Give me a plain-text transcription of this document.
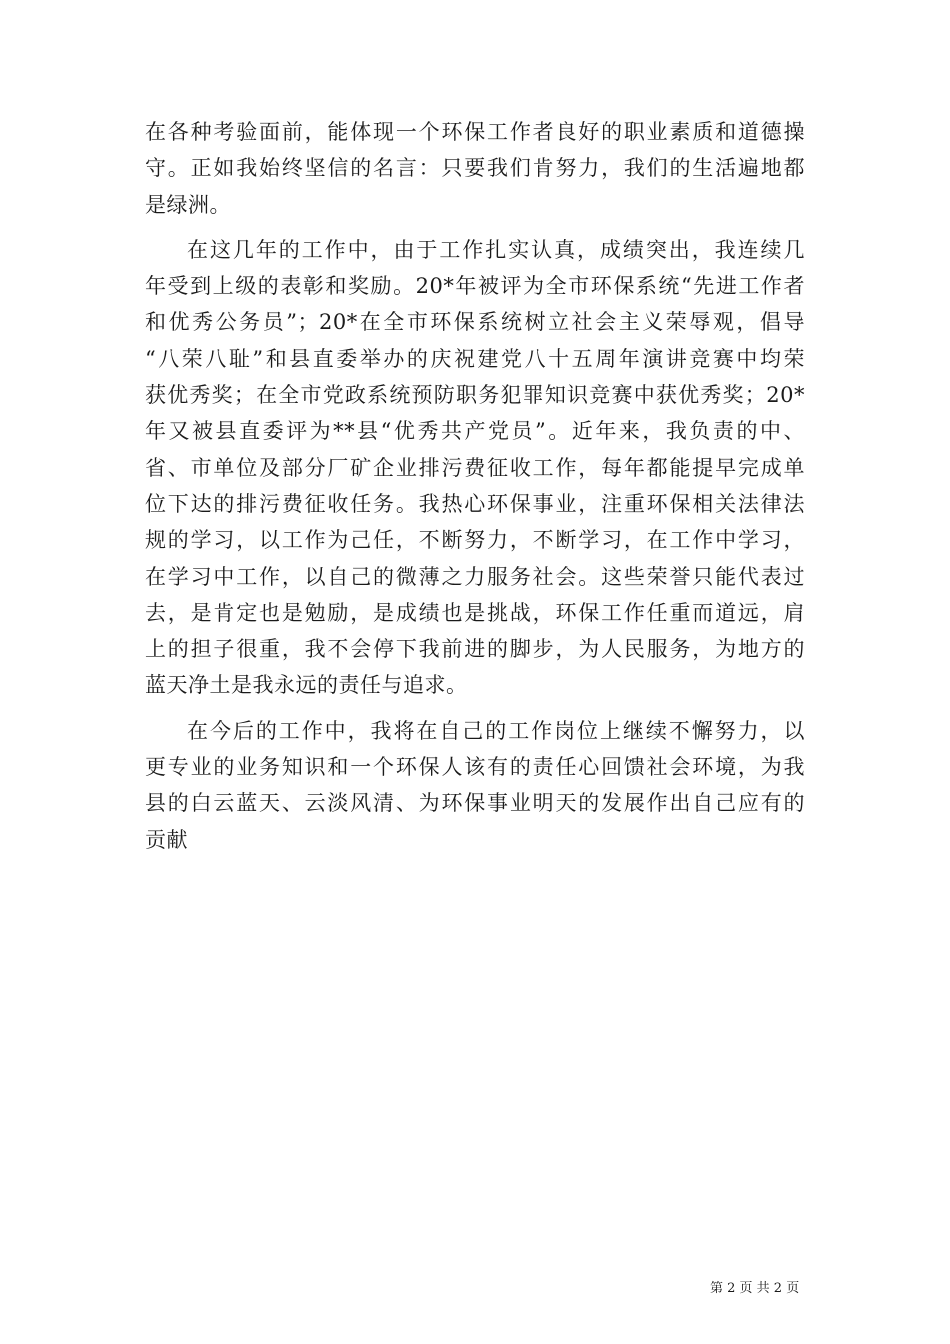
在各种考验面前，能体现一个环保工作者良好的职业素质和道德操
守。正如我始终坚信的名言：只要我们肯努力，我们的生活遍地都
是绿洲。
在这几年的工作中，由于工作扎实认真，成绩突出，我连续几
年受到上级的表彰和奖励。20*年被评为全市环保系统“先进工作者
和优秀公务员”；20*在全市环保系统树立社会主义荣辱观，倡导
“八荣八耻”和县直委举办的庆祝建党八十五周年演讲竞赛中均荣
获优秀奖；在全市党政系统预防职务犯罪知识竞赛中获优秀奖；20*
年又被县直委评为**县“优秀共产党员”。近年来，我负责的中、
省、市单位及部分厂矿企业排污费征收工作，每年都能提早完成单
位下达的排污费征收任务。我热心环保事业，注重环保相关法律法
规的学习，以工作为己任，不断努力，不断学习，在工作中学习，
在学习中工作，以自己的微薄之力服务社会。这些荣誉只能代表过
去，是肯定也是勉励，是成绩也是挑战，环保工作任重而道远，肩
上的担子很重，我不会停下我前进的脚步，为人民服务，为地方的
蓝天净土是我永远的责任与追求。
在今后的工作中，我将在自己的工作岗位上继续不懈努力，以
更专业的业务知识和一个环保人该有的责任心回馈社会环境，为我
县的白云蓝天、云淡风清、为环保事业明天的发展作出自己应有的
贡献
第 2 页 共 2 页
